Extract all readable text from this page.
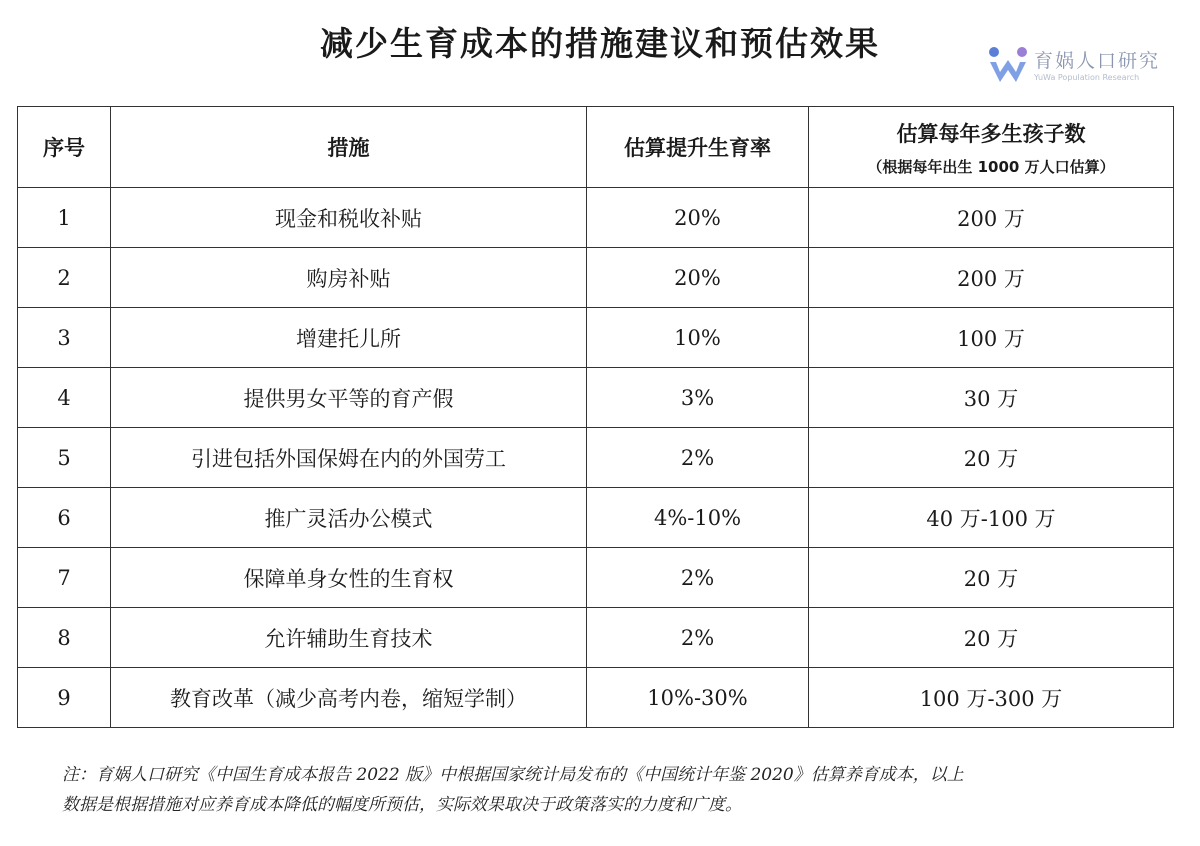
减少生育成本的措施建议和预估效果	育娲人口研究
YuWa Population Research
序号	措施	估算提升生育率	估算每年多生孩子数
（根据每年出生 1000 万人口估算）

1	现金和税收补贴	20%	200 万
2	购房补贴	20%	200 万
3	增建托儿所	10%	100 万
4	提供男女平等的育产假	3%	30 万
5	引进包括外国保姆在内的外国劳工	2%	20 万
6	推广灵活办公模式	4%-10%	40 万-100 万
7	保障单身女性的生育权	2%	20 万
8	允许辅助生育技术	2%	20 万
9	教育改革（减少高考内卷，缩短学制）	10%-30%	100 万-300 万
注：育娲人口研究《中国生育成本报告 2022 版》中根据国家统计局发布的《中国统计年鉴 2020》估算养育成本，以上
数据是根据措施对应养育成本降低的幅度所预估，实际效果取决于政策落实的力度和广度。
